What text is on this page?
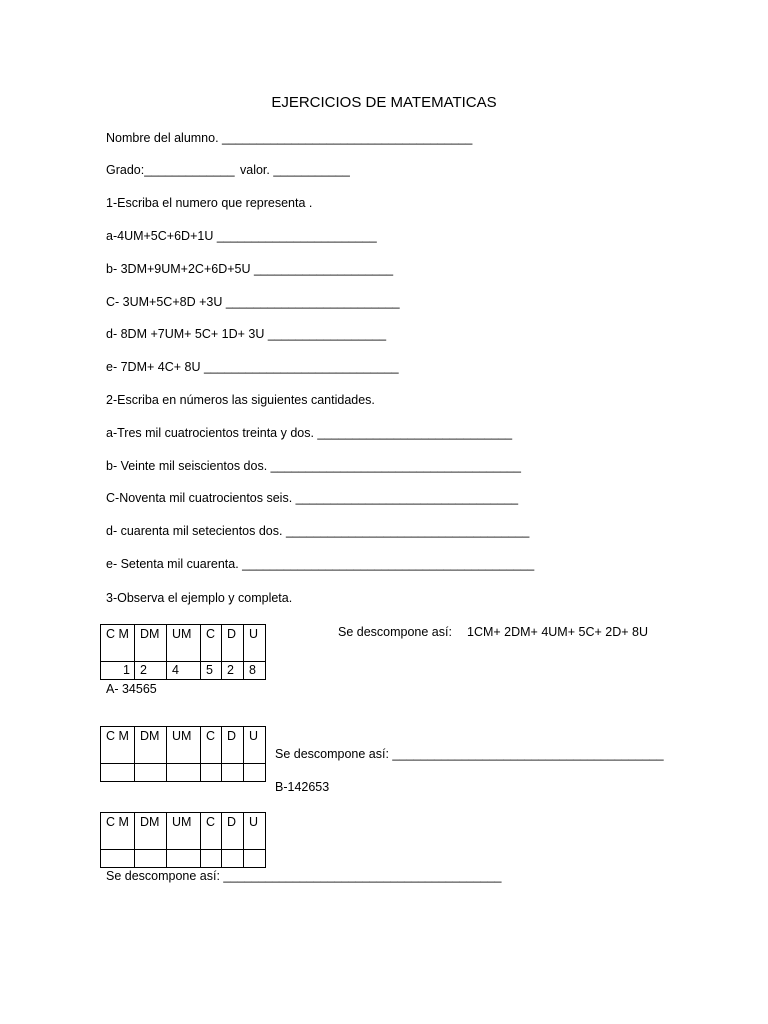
EJERCICIOS DE MATEMATICAS
Nombre del alumno. ____________________________________
Grado:_____________ valor. ___________
1-Escriba el numero que representa .
a-4UM+5C+6D+1U _______________________
b- 3DM+9UM+2C+6D+5U ____________________
C- 3UM+5C+8D +3U _________________________
d- 8DM +7UM+ 5C+ 1D+ 3U _________________
e- 7DM+ 4C+ 8U ____________________________
2-Escriba en números las siguientes cantidades.
a-Tres mil cuatrocientos treinta y dos. ____________________________
b- Veinte mil seiscientos dos. ____________________________________
C-Noventa mil cuatrocientos seis. ________________________________
d- cuarenta mil setecientos dos. ___________________________________
e- Setenta mil cuarenta. __________________________________________
3-Observa el ejemplo y completa.
C M	DM	UM	C	D	U
1	2	4	5	2	8
Se descompone así: 1CM+ 2DM+ 4UM+ 5C+ 2D+ 8U
A- 34565
C M	DM	UM	C	D	U

Se descompone así: _______________________________________
B-142653
C M	DM	UM	C	D	U

Se descompone así: ________________________________________
